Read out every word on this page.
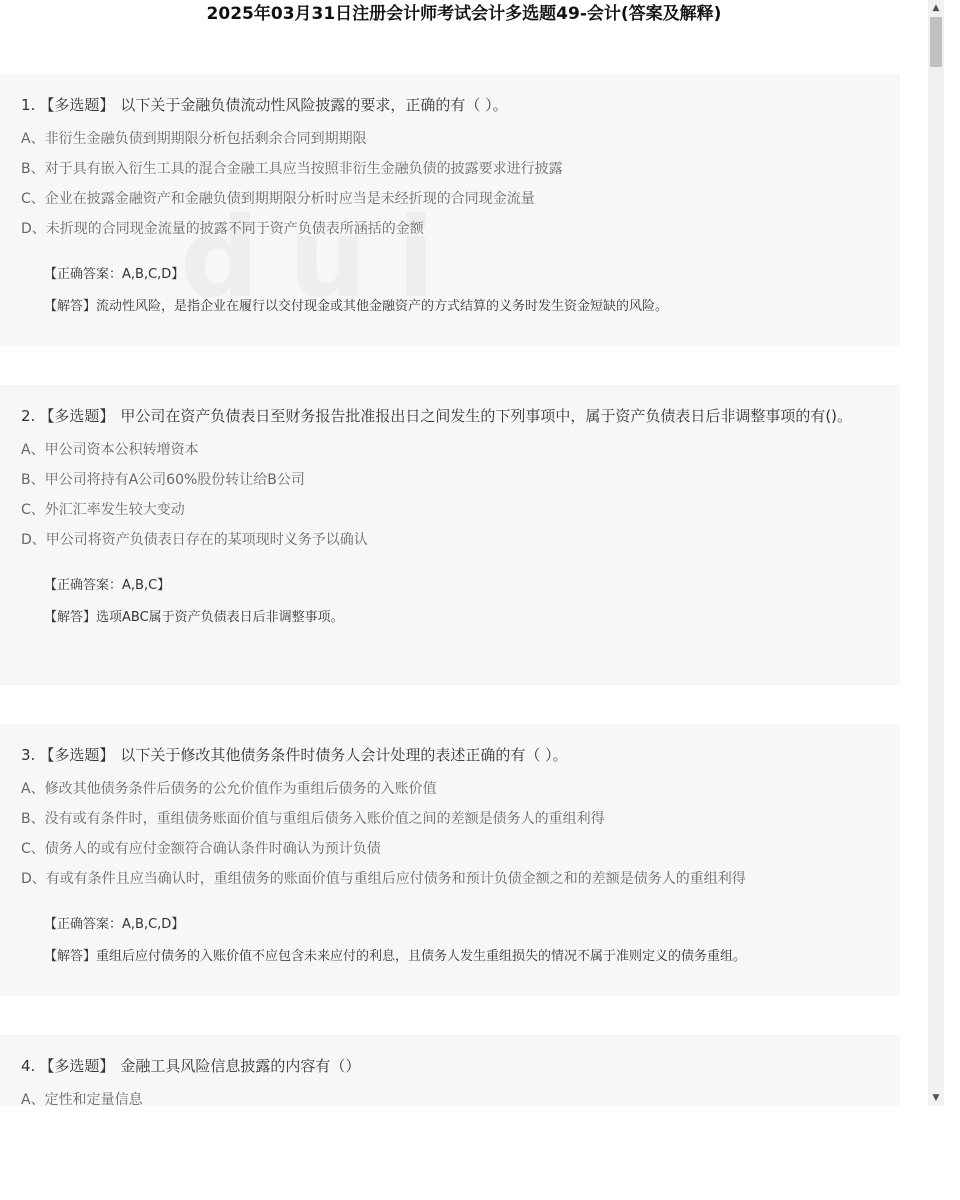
2025年03月31日注册会计师考试会计多选题49-会计(答案及解释)
1. 【多选题】 以下关于金融负债流动性风险披露的要求，正确的有（ ）。
A、非衍生金融负债到期期限分析包括剩余合同到期期限
B、对于具有嵌入衍生工具的混合金融工具应当按照非衍生金融负债的披露要求进行披露
C、企业在披露金融资产和金融负债到期期限分析时应当是未经折现的合同现金流量
D、未折现的合同现金流量的披露不同于资产负债表所涵括的金额
【正确答案：A,B,C,D】
【解答】流动性风险，是指企业在履行以交付现金或其他金融资产的方式结算的义务时发生资金短缺的风险。
2. 【多选题】 甲公司在资产负债表日至财务报告批准报出日之间发生的下列事项中，属于资产负债表日后非调整事项的有()。
A、甲公司资本公积转增资本
B、甲公司将持有A公司60%股份转让给B公司
C、外汇汇率发生较大变动
D、甲公司将资产负债表日存在的某项现时义务予以确认
【正确答案：A,B,C】
【解答】选项ABC属于资产负债表日后非调整事项。
3. 【多选题】 以下关于修改其他债务条件时债务人会计处理的表述正确的有（ ）。
A、修改其他债务条件后债务的公允价值作为重组后债务的入账价值
B、没有或有条件时，重组债务账面价值与重组后债务入账价值之间的差额是债务人的重组利得
C、债务人的或有应付金额符合确认条件时确认为预计负债
D、有或有条件且应当确认时，重组债务的账面价值与重组后应付债务和预计负债金额之和的差额是债务人的重组利得
【正确答案：A,B,C,D】
【解答】重组后应付债务的入账价值不应包含未来应付的利息，且债务人发生重组损失的情况不属于准则定义的债务重组。
4. 【多选题】 金融工具风险信息披露的内容有（）
A、定性和定量信息
▲
▼
